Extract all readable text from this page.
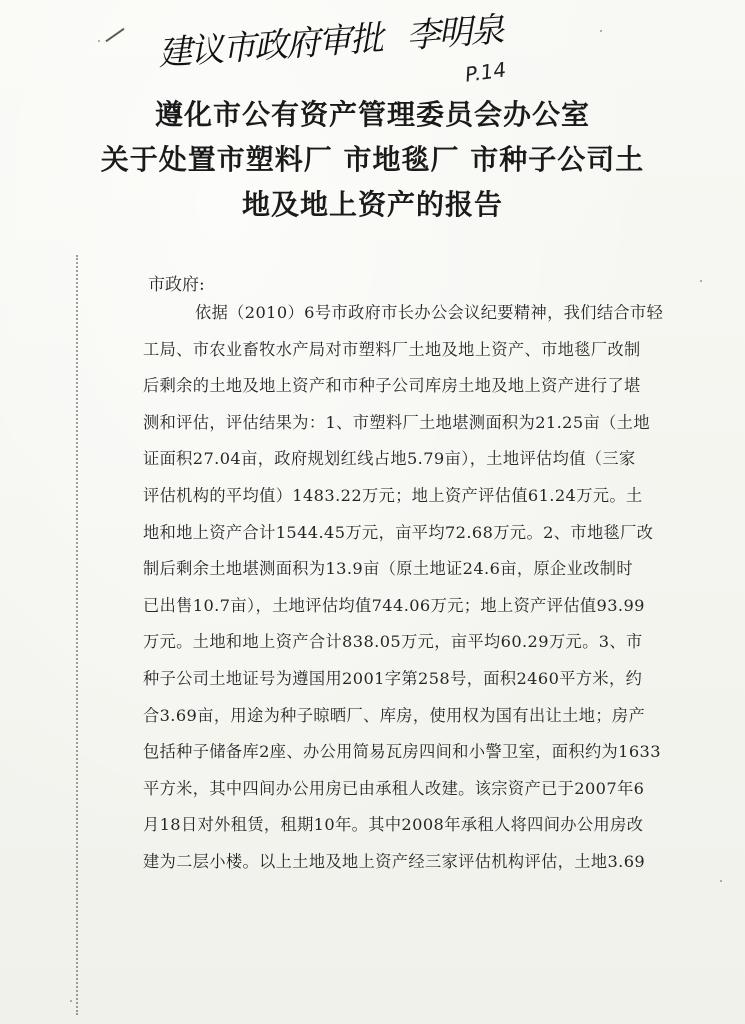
建议市政府审批 李明泉
P.14
遵化市公有资产管理委员会办公室
关于处置市塑料厂 市地毯厂 市种子公司土
地及地上资产的报告
市政府:
依据（2010）6号市政府市长办公会议纪要精神，我们结合市轻
工局、市农业畜牧水产局对市塑料厂土地及地上资产、市地毯厂改制
后剩余的土地及地上资产和市种子公司库房土地及地上资产进行了堪
测和评估，评估结果为：1、市塑料厂土地堪测面积为21.25亩（土地
证面积27.04亩，政府规划红线占地5.79亩），土地评估均值（三家
评估机构的平均值）1483.22万元；地上资产评估值61.24万元。土
地和地上资产合计1544.45万元，亩平均72.68万元。2、市地毯厂改
制后剩余土地堪测面积为13.9亩（原土地证24.6亩，原企业改制时
已出售10.7亩），土地评估均值744.06万元；地上资产评估值93.99
万元。土地和地上资产合计838.05万元，亩平均60.29万元。3、市
种子公司土地证号为遵国用2001字第258号，面积2460平方米，约
合3.69亩，用途为种子晾晒厂、库房，使用权为国有出让土地；房产
包括种子储备库2座、办公用简易瓦房四间和小警卫室，面积约为1633
平方米，其中四间办公用房已由承租人改建。该宗资产已于2007年6
月18日对外租赁，租期10年。其中2008年承租人将四间办公用房改
建为二层小楼。以上土地及地上资产经三家评估机构评估，土地3.69
